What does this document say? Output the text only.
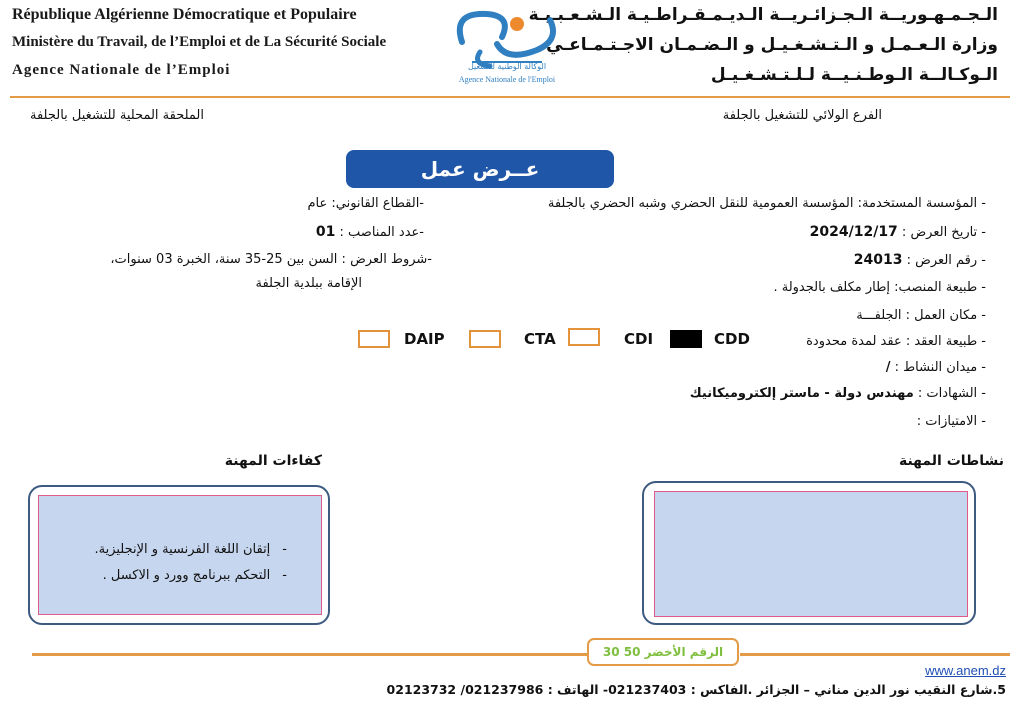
République Algérienne Démocratique et Populaire
Ministère du Travail, de l’Emploi et de La Sécurité Sociale
Agence Nationale de l’Emploi
الـجـمـهـوريــة الـجـزائـريــة الـديـمـقـراطـيـة الـشـعـبـيـة
وزارة الـعـمـل و الـتـشـغـيـل و الـضـمـان الاجـتـمـاعـي
الـوكـالــة الـوطـنـيــة لـلـتـشـغـيـل
الوكالة الوطنية للتشغيل
Agence Nationale de l'Emploi
الملحقة المحلية للتشغيل بالجلفة	الفرع الولائي للتشغيل بالجلفة
عــرض عمل
- المؤسسة المستخدمة: المؤسسة العمومية للنقل الحضري وشبه الحضري بالجلفة
- تاريخ العرض : 2024/12/17
- رقم العرض : 24013
- طبيعة المنصب: إطار مكلف بالجدولة .
- مكان العمل : الجلفـــة
- طبيعة العقد : عقد لمدة محدودة
- ميدان النشاط : /
- الشهادات : مهندس دولة - ماستر إلكتروميكانيك
- الامتيازات :
-القطاع القانوني: عام
-عدد المناصب : 01
-شروط العرض : السن بين 25-35 سنة، الخبرة 03 سنوات،
الإقامة ببلدية الجلفة
DAIP	CTA	CDI	CDD
كفاءات المهنة	نشاطات المهنة
-إتقان اللغة الفرنسية و الإنجليزية.
-التحكم ببرنامج وورد و الاكسل .
الرقم الأخضر 50 30
www.anem.dz
5.شارع النقيب نور الدين مناني – الجزائر .الفاكس : 021237403- الهاتف : 021237986/ 02123732
